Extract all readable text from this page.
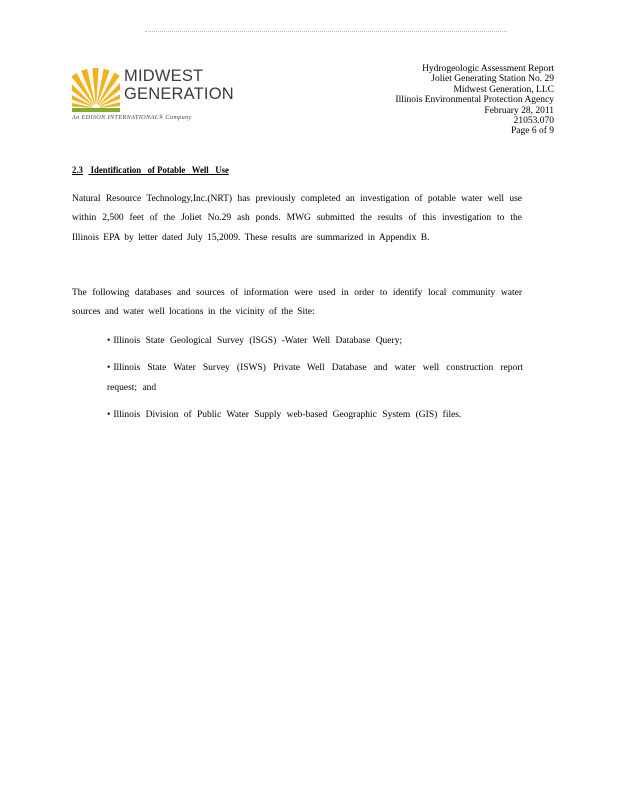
MIDWEST
GENERATION
An EDISON INTERNATIONAL® Company
Hydrogeologic Assessment Report
Joliet Generating Station No. 29
Midwest Generation, LLC
Illinois Environmental Protection Agency
February 28, 2011
21053.070
Page 6 of 9
2.3 Identification   of Potable   Well   Use

Natural Resource Technology,Inc.(NRT) has previously completed an investigation of potable water well use within 2,500 feet of the Joliet No.29 ash ponds. MWG submitted the results of this investigation to the Illinois EPA by letter dated July 15,2009. These results are summarized in Appendix B.

The following databases and sources of information were used in order to identify local community water sources and water well locations in the vicinity of the Site:

• Illinois State Geological Survey (ISGS) -Water Well Database Query;
• Illinois State Water Survey (ISWS) Private Well Database and water well construction report request; and
• Illinois Division of Public Water Supply web-based Geographic System (GIS) files.
